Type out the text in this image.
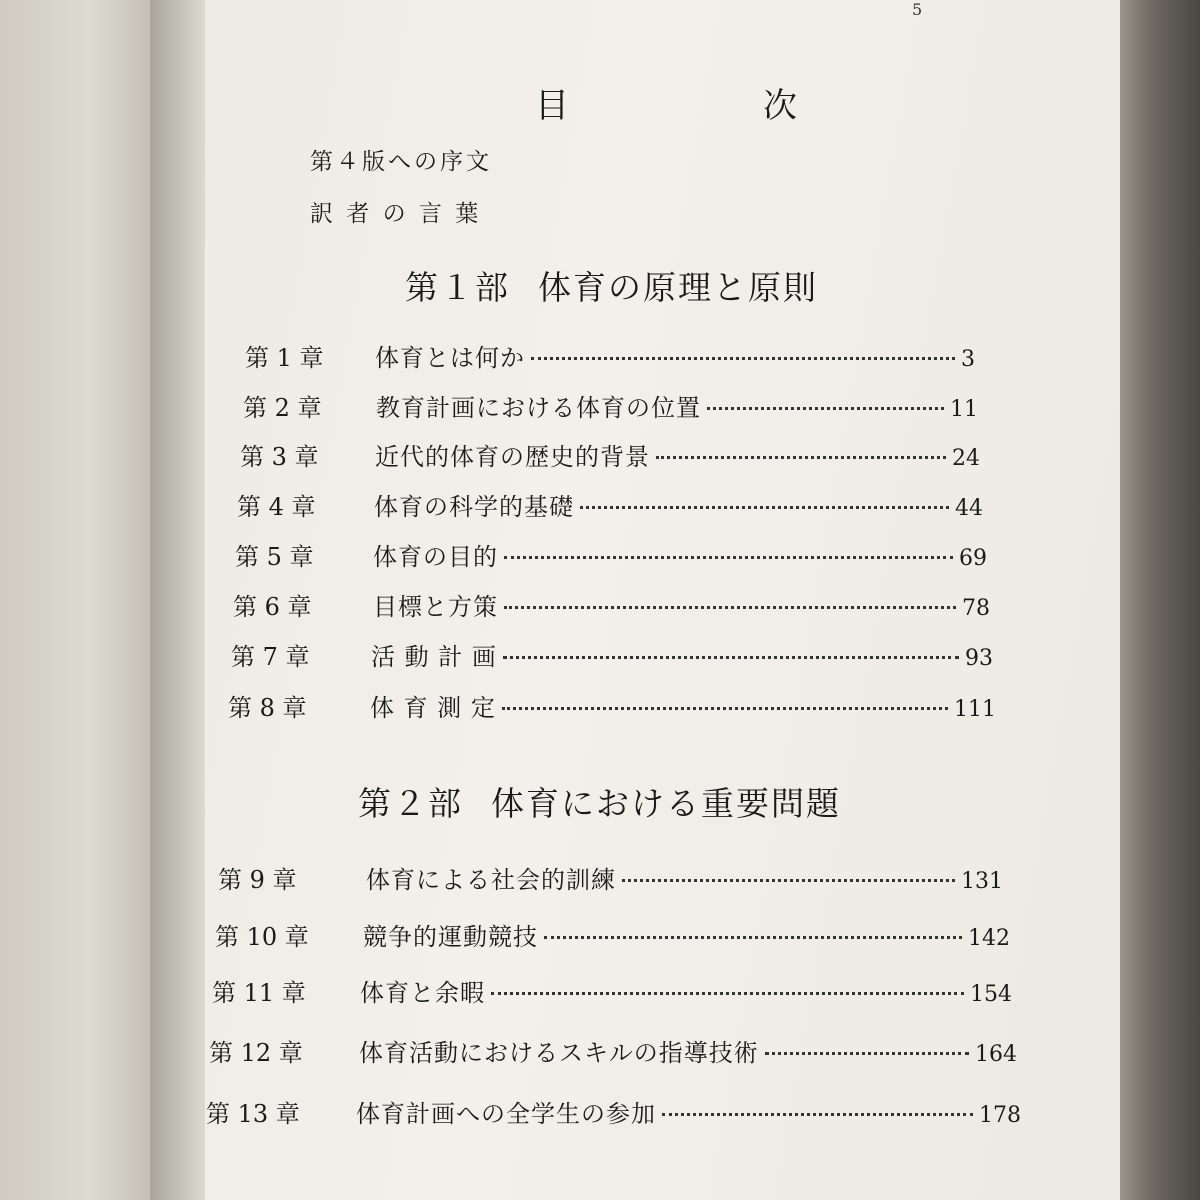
5
目　次
第４版への序文
訳 者 の 言 葉
第１部 体育の原理と原則
第 1 章	体育とは何か	3
第 2 章	教育計画における体育の位置	11
第 3 章	近代的体育の歴史的背景	24
第 4 章	体育の科学的基礎	44
第 5 章	体育の目的	69
第 6 章	目標と方策	78
第 7 章	活 動 計 画	93
第 8 章	体 育 測 定	111
第２部 体育における重要問題
第 9 章	体育による社会的訓練	131
第 10 章	競争的運動競技	142
第 11 章	体育と余暇	154
第 12 章	体育活動におけるスキルの指導技術	164
第 13 章	体育計画への全学生の参加	178
